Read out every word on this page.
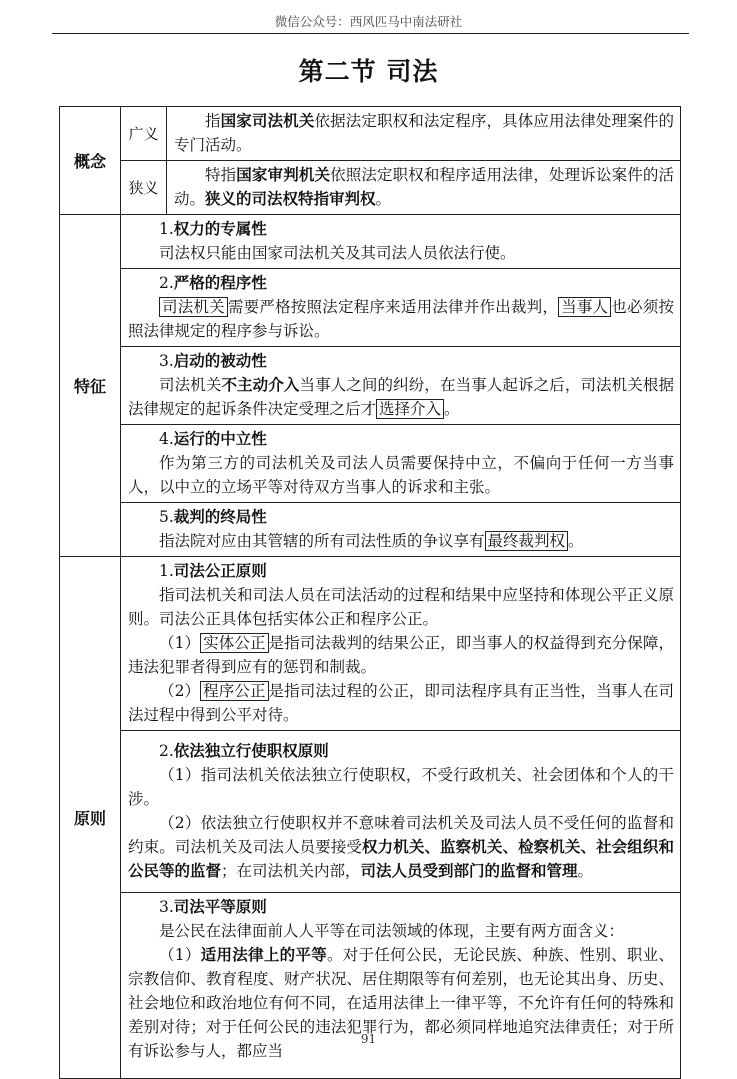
微信公众号：西风匹马中南法研社
第二节 司法
概念	广义	指国家司法机关依据法定职权和法定程序，具体应用法律处理案件的专门活动。

	狭义	特指国家审判机关依照法定职权和程序适用法律，处理诉讼案件的活动。狭义的司法权特指审判权。

特征	1.权力的专属性

司法权只能由国家司法机关及其司法人员依法行使。	

	2.严格的程序性

司法机关 需要严格按照法定程序来适用法律并作出裁判， 当事人 也必须按照法律规定的程序参与诉讼。	

	3.启动的被动性

司法机关不主动介入当事人之间的纠纷，在当事人起诉之后，司法机关根据法律规定的起诉条件决定受理之后才 选择介入 。	

	4.运行的中立性

作为第三方的司法机关及司法人员需要保持中立，不偏向于任何一方当事人，以中立的立场平等对待双方当事人的诉求和主张。	

	5.裁判的终局性

指法院对应由其管辖的所有司法性质的争议享有 最终裁判权 。	

原则	1.司法公正原则

指司法机关和司法人员在司法活动的过程和结果中应坚持和体现公平正义原则。司法公正具体包括实体公正和程序公正。

（1） 实体公正 是指司法裁判的结果公正，即当事人的权益得到充分保障，违法犯罪者得到应有的惩罚和制裁。

（2） 程序公正 是指司法过程的公正，即司法程序具有正当性，当事人在司法过程中得到公平对待。	

	2.依法独立行使职权原则

（1）指司法机关依法独立行使职权，不受行政机关、社会团体和个人的干涉。

（2）依法独立行使职权并不意味着司法机关及司法人员不受任何的监督和约束。司法机关及司法人员要接受权力机关、监察机关、检察机关、社会组织和公民等的监督；在司法机关内部，司法人员受到部门的监督和管理。	

	3.司法平等原则

是公民在法律面前人人平等在司法领域的体现，主要有两方面含义：

（1）适用法律上的平等。对于任何公民，无论民族、种族、性别、职业、宗教信仰、教育程度、财产状况、居住期限等有何差别，也无论其出身、历史、社会地位和政治地位有何不同，在适用法律上一律平等，不允许有任何的特殊和差别对待；对于任何公民的违法犯罪行为，都必须同样地追究法律责任；对于所有诉讼参与人，都应当	

91
